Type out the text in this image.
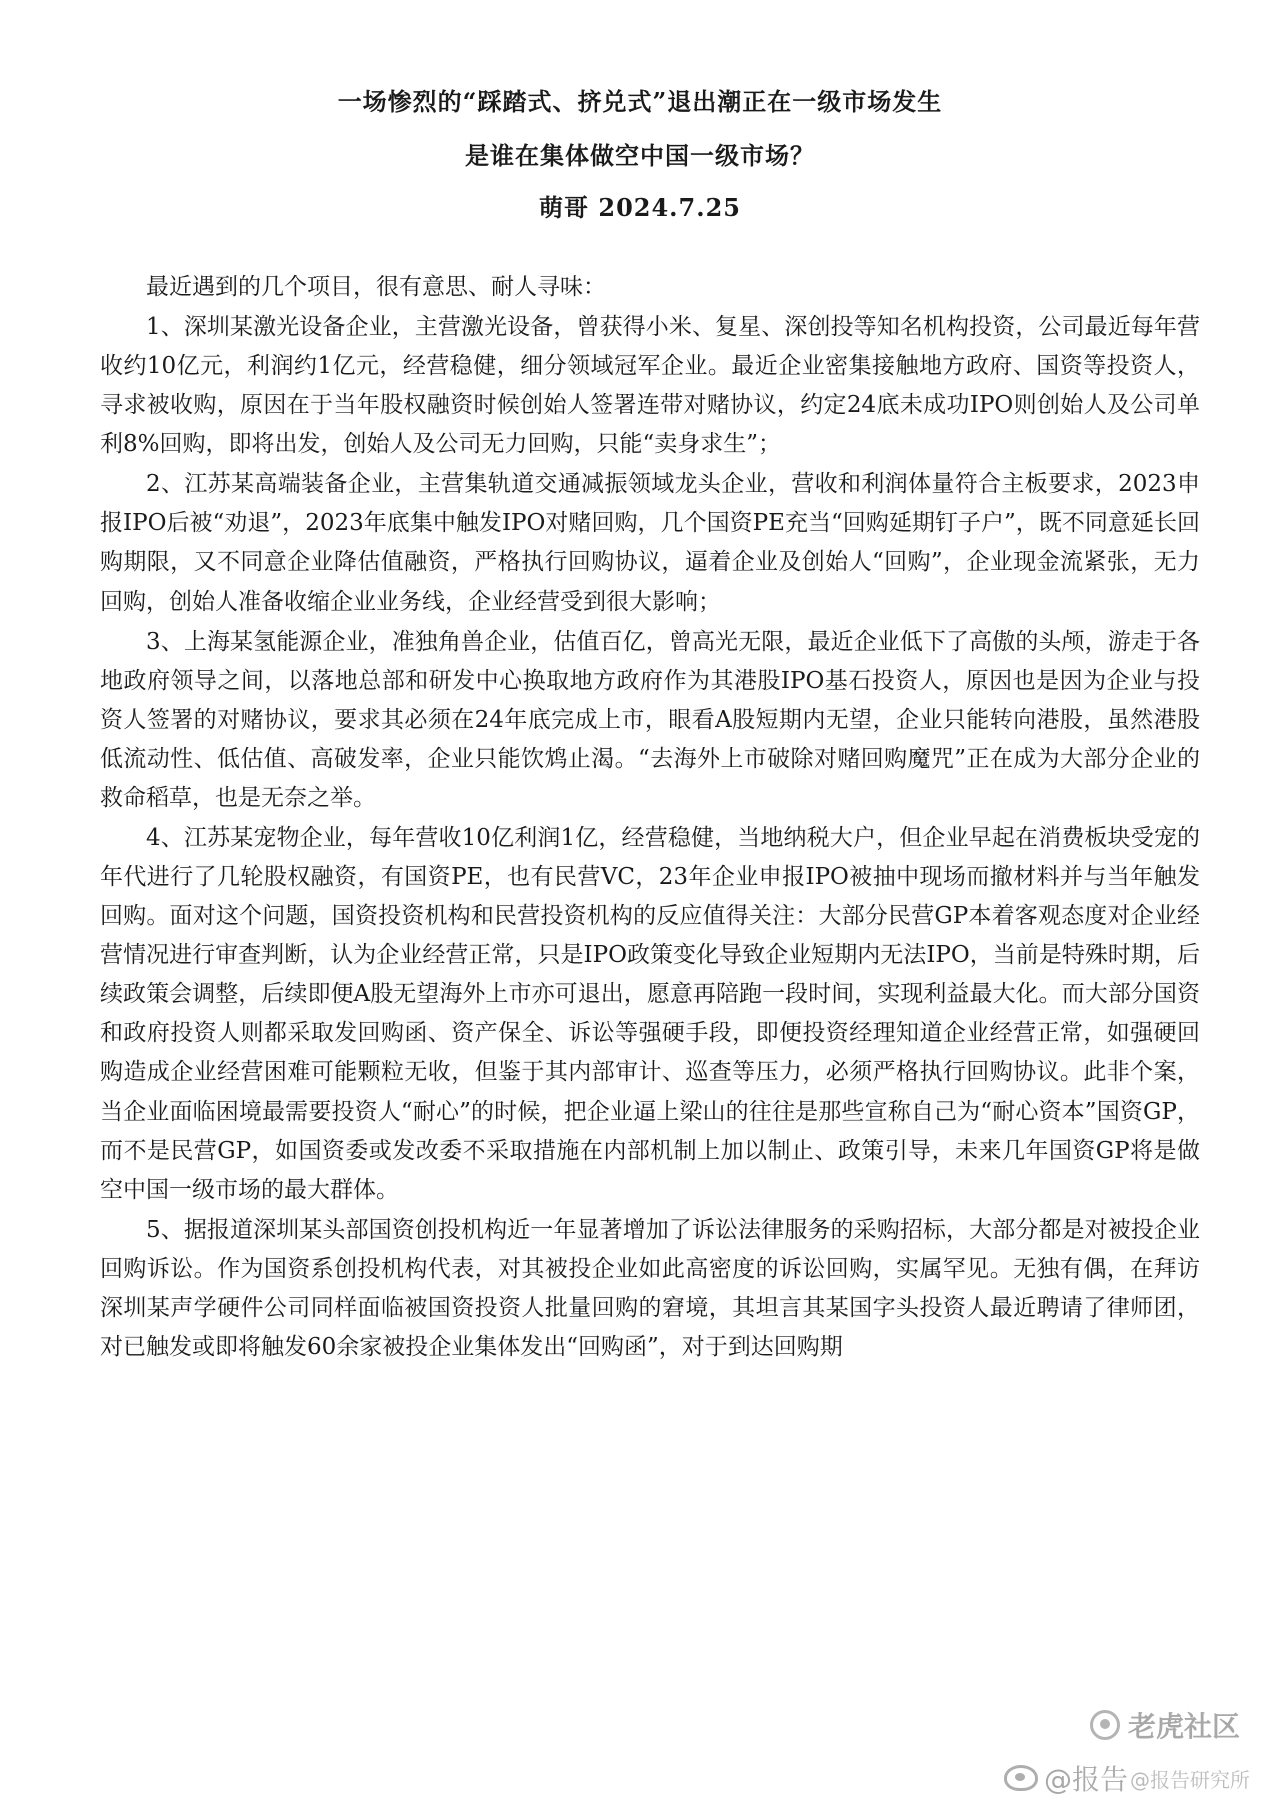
一场惨烈的“踩踏式、挤兑式”退出潮正在一级市场发生
是谁在集体做空中国一级市场？
萌哥 2024.7.25

最近遇到的几个项目，很有意思、耐人寻味：

1、深圳某激光设备企业，主营激光设备，曾获得小米、复星、深创投等知名机构投资，公司最近每年营收约10亿元，利润约1亿元，经营稳健，细分领域冠军企业。最近企业密集接触地方政府、国资等投资人，寻求被收购，原因在于当年股权融资时候创始人签署连带对赌协议，约定24底未成功IPO则创始人及公司单利8%回购，即将出发，创始人及公司无力回购，只能“卖身求生”；

2、江苏某高端装备企业，主营集轨道交通减振领域龙头企业，营收和利润体量符合主板要求，2023申报IPO后被“劝退”，2023年底集中触发IPO对赌回购，几个国资PE充当“回购延期钉子户”，既不同意延长回购期限，又不同意企业降估值融资，严格执行回购协议，逼着企业及创始人“回购”，企业现金流紧张，无力回购，创始人准备收缩企业业务线，企业经营受到很大影响；

3、上海某氢能源企业，准独角兽企业，估值百亿，曾高光无限，最近企业低下了高傲的头颅，游走于各地政府领导之间，以落地总部和研发中心换取地方政府作为其港股IPO基石投资人，原因也是因为企业与投资人签署的对赌协议，要求其必须在24年底完成上市，眼看A股短期内无望，企业只能转向港股，虽然港股低流动性、低估值、高破发率，企业只能饮鸩止渴。“去海外上市破除对赌回购魔咒”正在成为大部分企业的救命稻草，也是无奈之举。

4、江苏某宠物企业，每年营收10亿利润1亿，经营稳健，当地纳税大户，但企业早起在消费板块受宠的年代进行了几轮股权融资，有国资PE，也有民营VC，23年企业申报IPO被抽中现场而撤材料并与当年触发回购。面对这个问题，国资投资机构和民营投资机构的反应值得关注：大部分民营GP本着客观态度对企业经营情况进行审查判断，认为企业经营正常，只是IPO政策变化导致企业短期内无法IPO，当前是特殊时期，后续政策会调整，后续即便A股无望海外上市亦可退出，愿意再陪跑一段时间，实现利益最大化。而大部分国资和政府投资人则都采取发回购函、资产保全、诉讼等强硬手段，即便投资经理知道企业经营正常，如强硬回购造成企业经营困难可能颗粒无收，但鉴于其内部审计、巡查等压力，必须严格执行回购协议。此非个案，当企业面临困境最需要投资人“耐心”的时候，把企业逼上梁山的往往是那些宣称自己为“耐心资本”国资GP，而不是民营GP，如国资委或发改委不采取措施在内部机制上加以制止、政策引导，未来几年国资GP将是做空中国一级市场的最大群体。

5、据报道深圳某头部国资创投机构近一年显著增加了诉讼法律服务的采购招标，大部分都是对被投企业回购诉讼。作为国资系创投机构代表，对其被投企业如此高密度的诉讼回购，实属罕见。无独有偶，在拜访深圳某声学硬件公司同样面临被国资投资人批量回购的窘境，其坦言其某国字头投资人最近聘请了律师团，对已触发或即将触发60余家被投企业集体发出“回购函”，对于到达回购期

老虎社区
@报告 @报告研究所
